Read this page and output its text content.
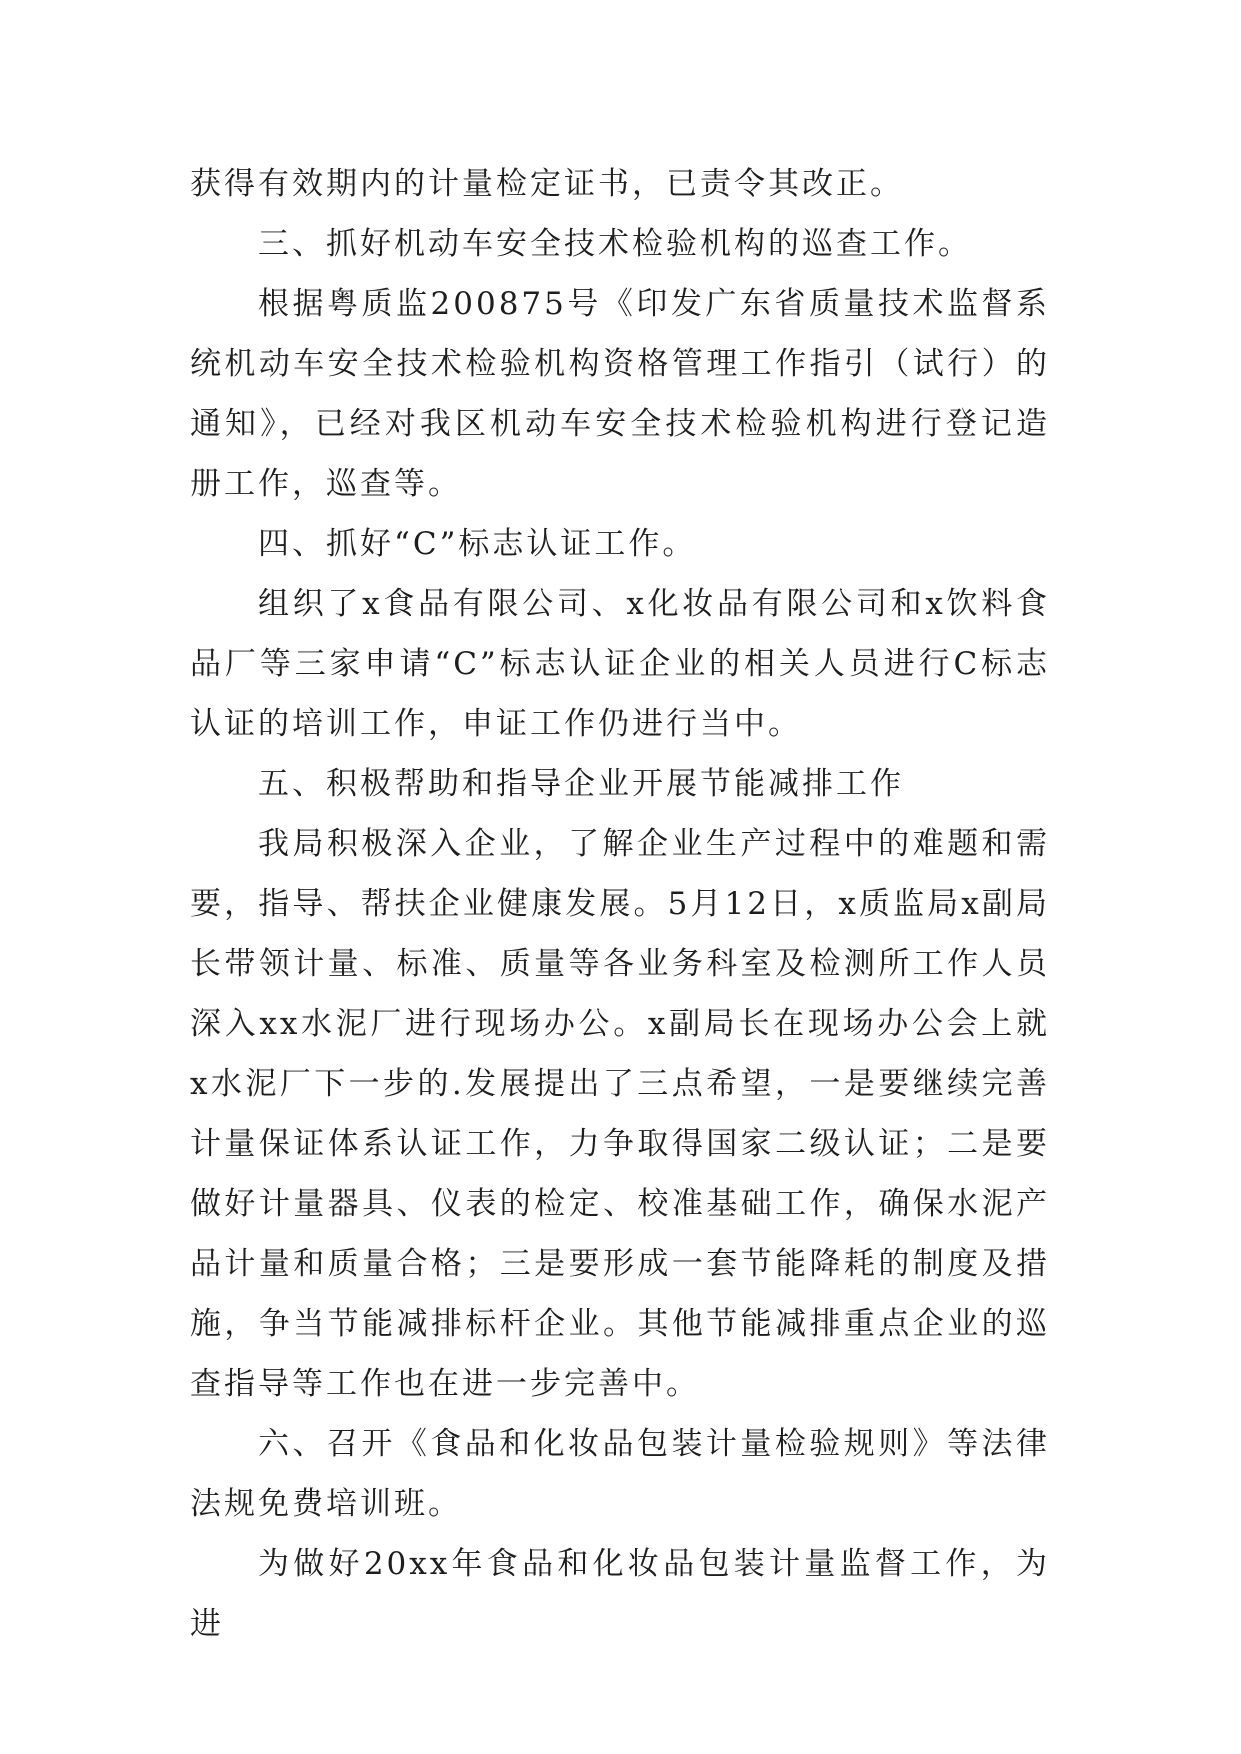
获得有效期内的计量检定证书，已责令其改正。

三、抓好机动车安全技术检验机构的巡查工作。

根据粤质监200875号《印发广东省质量技术监督系统机动车安全技术检验机构资格管理工作指引（试行）的通知》，已经对我区机动车安全技术检验机构进行登记造册工作，巡查等。

四、抓好“C”标志认证工作。

组织了x食品有限公司、x化妆品有限公司和x饮料食品厂等三家申请“C”标志认证企业的相关人员进行C标志认证的培训工作，申证工作仍进行当中。

五、积极帮助和指导企业开展节能减排工作

我局积极深入企业，了解企业生产过程中的难题和需要，指导、帮扶企业健康发展。5月12日，x质监局x副局长带领计量、标准、质量等各业务科室及检测所工作人员深入xx水泥厂进行现场办公。x副局长在现场办公会上就x水泥厂下一步的.发展提出了三点希望，一是要继续完善计量保证体系认证工作，力争取得国家二级认证；二是要做好计量器具、仪表的检定、校准基础工作，确保水泥产品计量和质量合格；三是要形成一套节能降耗的制度及措施，争当节能减排标杆企业。其他节能减排重点企业的巡查指导等工作也在进一步完善中。

六、召开《食品和化妆品包装计量检验规则》等法律法规免费培训班。

为做好20xx年食品和化妆品包装计量监督工作，为进
